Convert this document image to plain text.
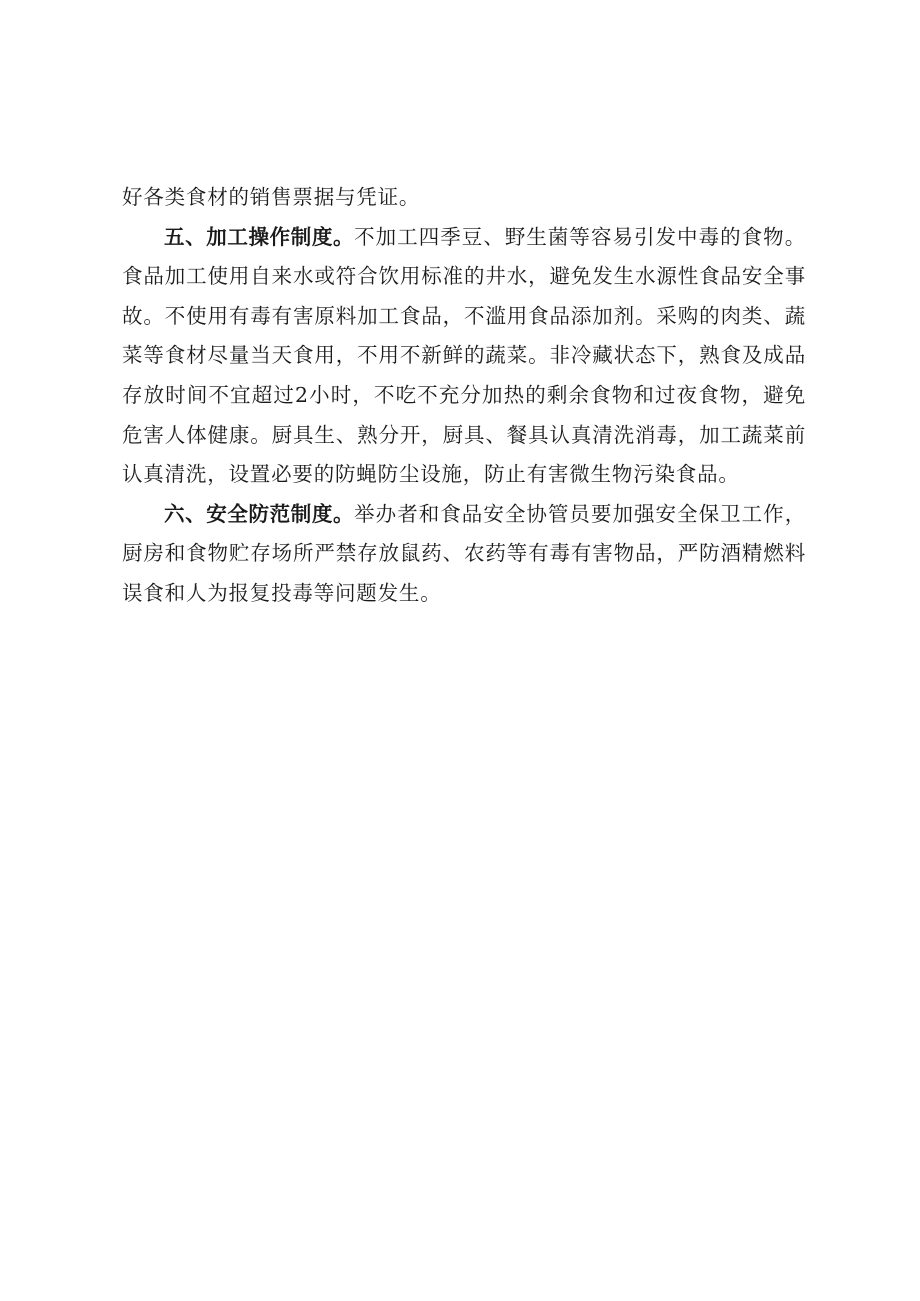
好各类食材的销售票据与凭证。

五、加工操作制度。不加工四季豆、野生菌等容易引发中毒的食物。食品加工使用自来水或符合饮用标准的井水，避免发生水源性食品安全事故。不使用有毒有害原料加工食品，不滥用食品添加剂。采购的肉类、蔬菜等食材尽量当天食用，不用不新鲜的蔬菜。非冷藏状态下，熟食及成品存放时间不宜超过2小时，不吃不充分加热的剩余食物和过夜食物，避免危害人体健康。厨具生、熟分开，厨具、餐具认真清洗消毒，加工蔬菜前认真清洗，设置必要的防蝇防尘设施，防止有害微生物污染食品。

六、安全防范制度。举办者和食品安全协管员要加强安全保卫工作，厨房和食物贮存场所严禁存放鼠药、农药等有毒有害物品，严防酒精燃料误食和人为报复投毒等问题发生。
